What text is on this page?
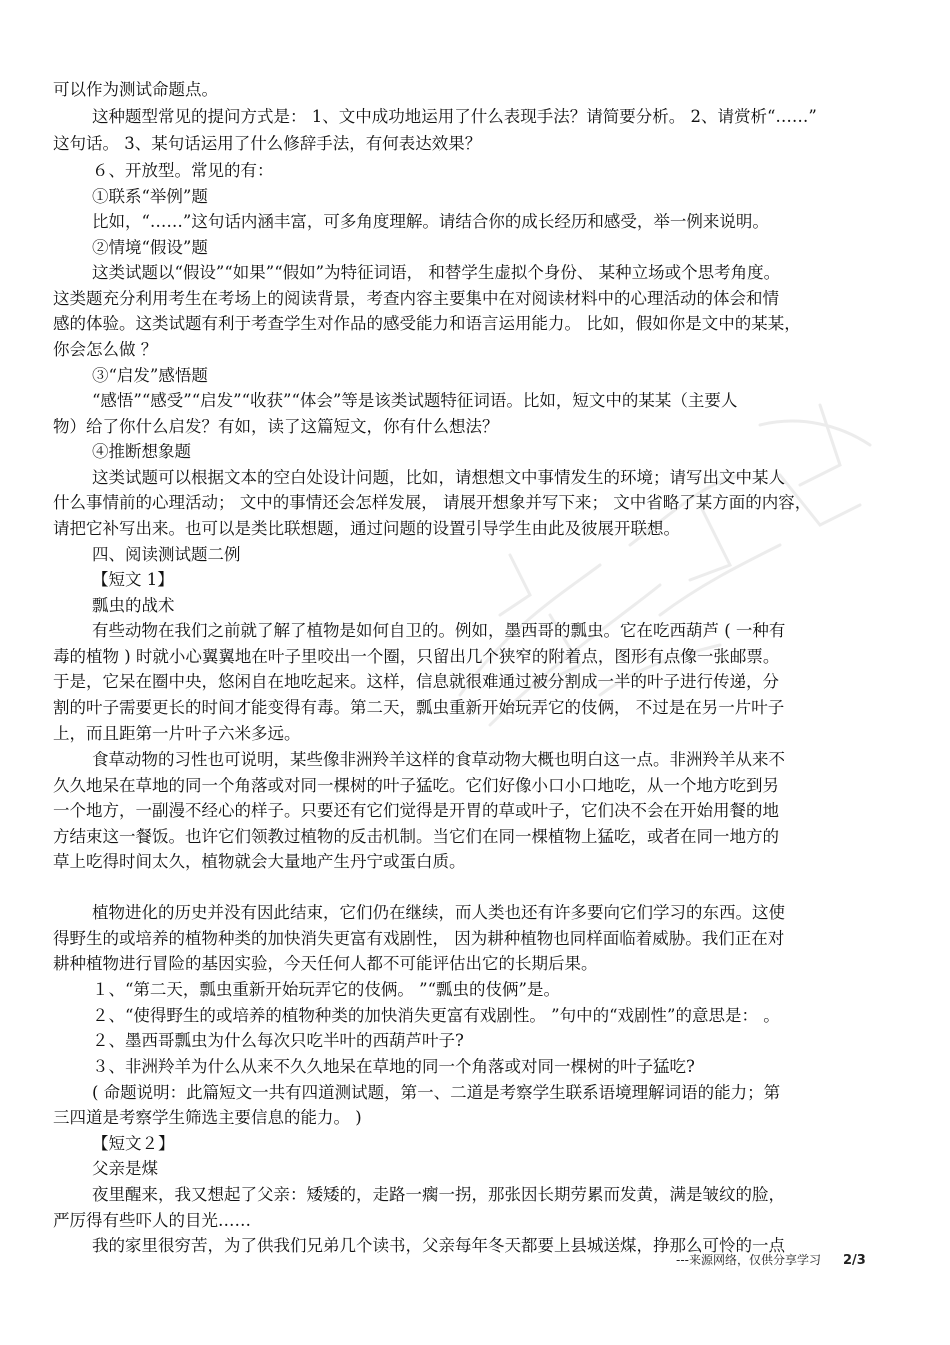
可以作为测试命题点。
这种题型常见的提问方式是： 1、文中成功地运用了什么表现手法？请简要分析。 2、请赏析“……”
这句话。 3、某句话运用了什么修辞手法，有何表达效果？
６、开放型。常见的有：
①联系“举例”题
比如，“……”这句话内涵丰富，可多角度理解。请结合你的成长经历和感受，举一例来说明。
②情境“假设”题
这类试题以“假设”“如果”“假如”为特征词语， 和替学生虚拟个身份、 某种立场或个思考角度。
这类题充分利用考生在考场上的阅读背景，考查内容主要集中在对阅读材料中的心理活动的体会和情
感的体验。这类试题有利于考查学生对作品的感受能力和语言运用能力。 比如，假如你是文中的某某，
你会怎么做 ？
③“启发”感悟题
“感悟”“感受”“启发”“收获”“体会”等是该类试题特征词语。比如，短文中的某某（主要人
物）给了你什么启发？有如，读了这篇短文，你有什么想法？
④推断想象题
这类试题可以根据文本的空白处设计问题，比如，请想想文中事情发生的环境；请写出文中某人
什么事情前的心理活动； 文中的事情还会怎样发展， 请展开想象并写下来； 文中省略了某方面的内容，
请把它补写出来。也可以是类比联想题，通过问题的设置引导学生由此及彼展开联想。
四、阅读测试题二例
【短文 1】
瓢虫的战术
有些动物在我们之前就了解了植物是如何自卫的。例如，墨西哥的瓢虫。它在吃西葫芦 ( 一种有
毒的植物 ) 时就小心翼翼地在叶子里咬出一个圈，只留出几个狭窄的附着点，图形有点像一张邮票。
于是，它呆在圈中央，悠闲自在地吃起来。这样，信息就很难通过被分割成一半的叶子进行传递，分
割的叶子需要更长的时间才能变得有毒。第二天，瓢虫重新开始玩弄它的伎俩， 不过是在另一片叶子
上，而且距第一片叶子六米多远。
食草动物的习性也可说明，某些像非洲羚羊这样的食草动物大概也明白这一点。非洲羚羊从来不
久久地呆在草地的同一个角落或对同一棵树的叶子猛吃。它们好像小口小口地吃，从一个地方吃到另
一个地方，一副漫不经心的样子。只要还有它们觉得是开胃的草或叶子，它们决不会在开始用餐的地
方结束这一餐饭。也许它们领教过植物的反击机制。当它们在同一棵植物上猛吃，或者在同一地方的
草上吃得时间太久，植物就会大量地产生丹宁或蛋白质。
植物进化的历史并没有因此结束，它们仍在继续，而人类也还有许多要向它们学习的东西。这使
得野生的或培养的植物种类的加快消失更富有戏剧性， 因为耕种植物也同样面临着威胁。我们正在对
耕种植物进行冒险的基因实验，今天任何人都不可能评估出它的长期后果。
１、“第二天，瓢虫重新开始玩弄它的伎俩。 ”“瓢虫的伎俩”是。
２、“使得野生的或培养的植物种类的加快消失更富有戏剧性。 ”句中的“戏剧性”的意思是： 。
２、墨西哥瓢虫为什么每次只吃半叶的西葫芦叶子?
３、非洲羚羊为什么从来不久久地呆在草地的同一个角落或对同一棵树的叶子猛吃?
( 命题说明：此篇短文一共有四道测试题，第一、二道是考察学生联系语境理解词语的能力；第
三四道是考察学生筛选主要信息的能力。 )
【短文２】
父亲是煤
夜里醒来，我又想起了父亲：矮矮的，走路一瘸一拐，那张因长期劳累而发黄，满是皱纹的脸，
严厉得有些吓人的目光……
我的家里很穷苦，为了供我们兄弟几个读书，父亲每年冬天都要上县城送煤，挣那么可怜的一点
---来源网络，仅供分享学习 2/3
